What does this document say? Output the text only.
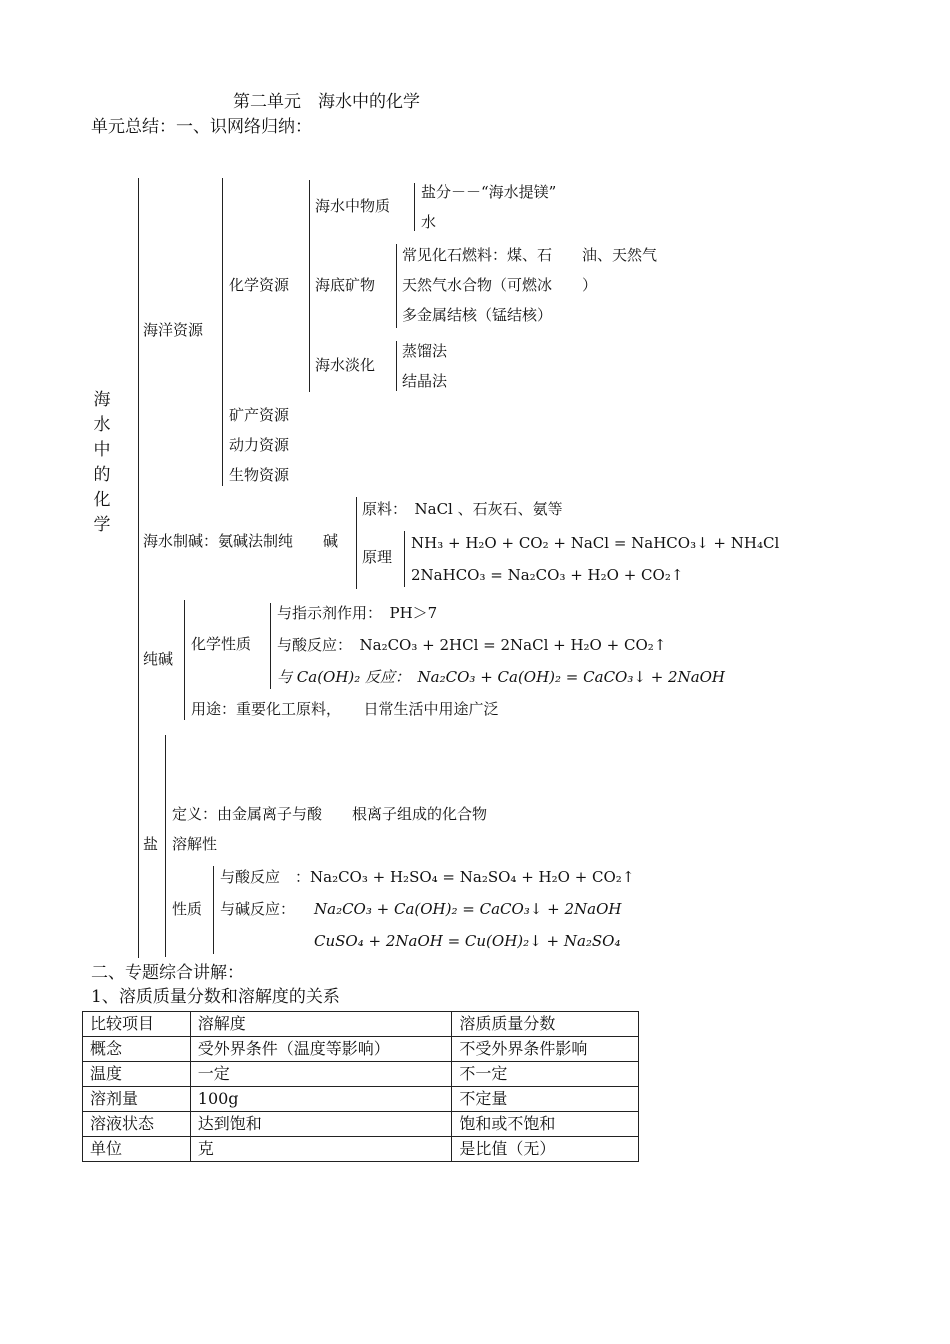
第二单元　海水中的化学
单元总结：一、识网络归纳：
海
水
中
的
化
学
海洋资源
化学资源
海水中物质
盐分－－“海水提镁”
水
海底矿物
常见化石燃料：煤、石　　油、天然气
天然气水合物（可燃冰　　）
多金属结核（锰结核）
海水淡化
蒸馏法
结晶法
矿产资源
动力资源
生物资源
海水制碱：氨碱法制纯　　碱
原料：　NaCl 、石灰石、氨等
原理
NH₃ + H₂O + CO₂ + NaCl = NaHCO₃↓ + NH₄Cl
2NaHCO₃ = Na₂CO₃ + H₂O + CO₂↑
纯碱
化学性质
与指示剂作用：　PH＞7
与酸反应：　Na₂CO₃ + 2HCl = 2NaCl + H₂O + CO₂↑
与 Ca(OH)₂ 反应：　Na₂CO₃ + Ca(OH)₂ = CaCO₃↓ + 2NaOH
用途：重要化工原料，　　日常生活中用途广泛
盐
定义：由金属离子与酸　　根离子组成的化合物
溶解性
性质
与酸反应　：Na₂CO₃ + H₂SO₄ = Na₂SO₄ + H₂O + CO₂↑
与碱反应： Na₂CO₃ + Ca(OH)₂ = CaCO₃↓ + 2NaOH
CuSO₄ + 2NaOH = Cu(OH)₂↓ + Na₂SO₄
二、专题综合讲解：
1、溶质质量分数和溶解度的关系
比较项目	溶解度	溶质质量分数
概念	受外界条件（温度等影响）	不受外界条件影响
温度	一定	不一定
溶剂量	100g	不定量
溶液状态	达到饱和	饱和或不饱和
单位	克	是比值（无）
